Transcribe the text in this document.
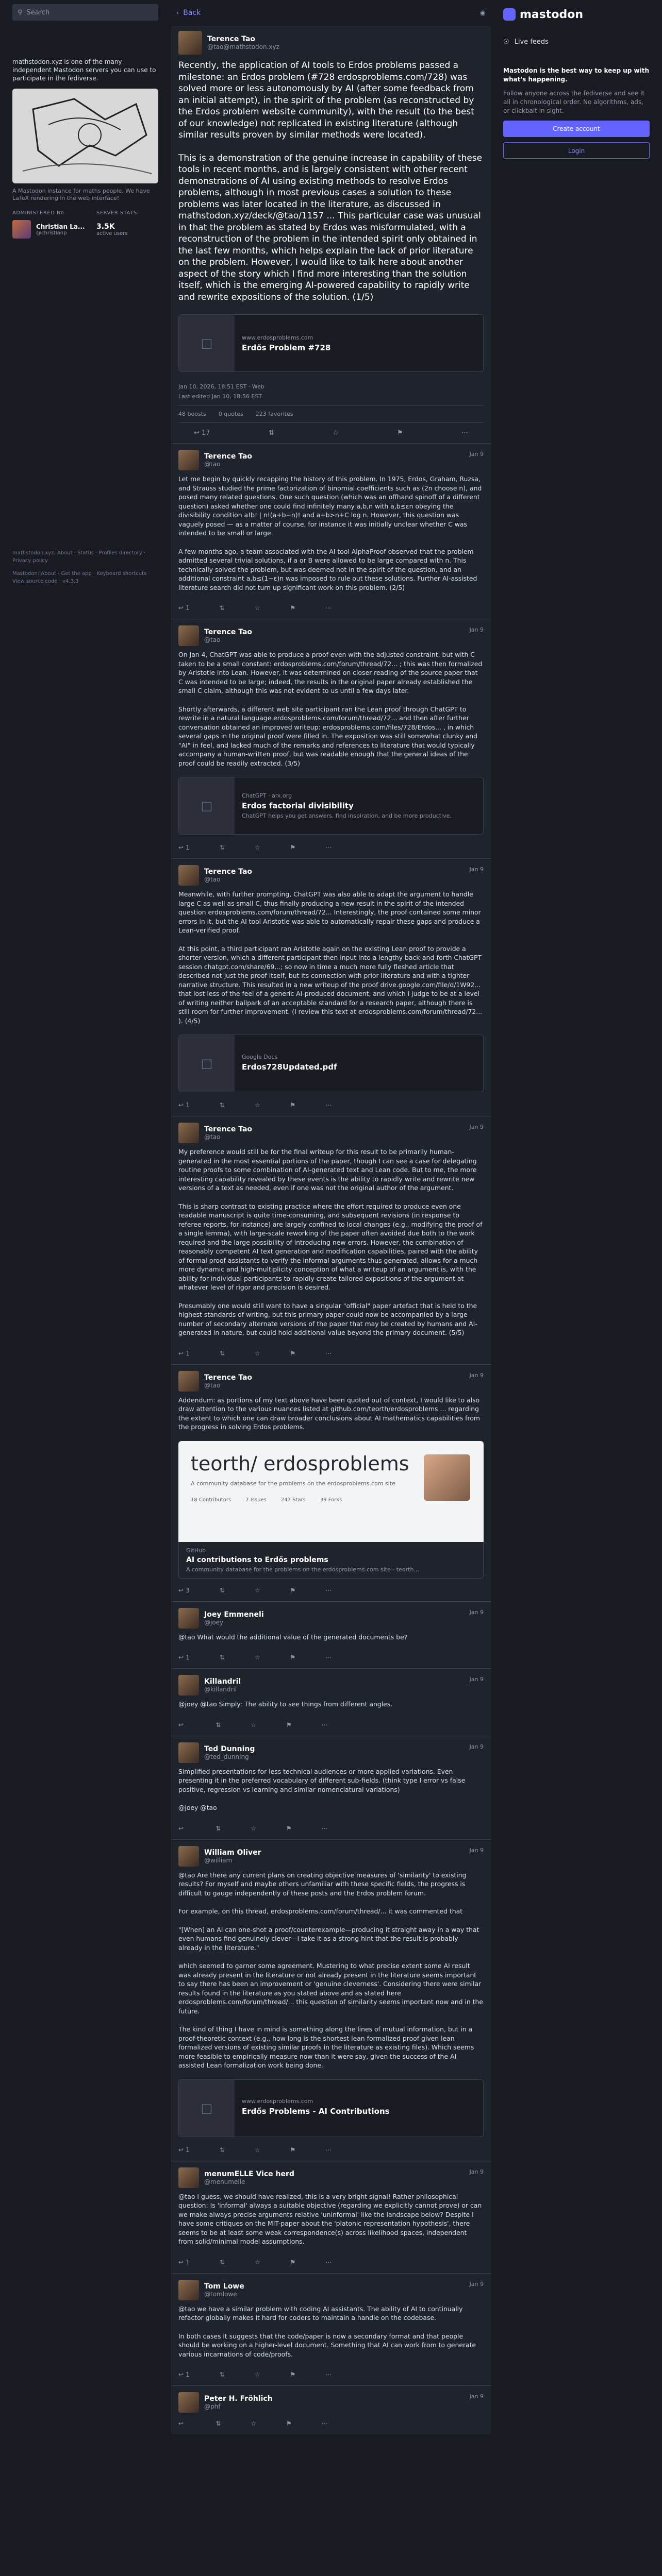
⚲ Search
mathstodon.xyz is one of the many independent Mastodon servers you can use to participate in the fediverse.
A Mastodon instance for maths people. We have LaTeX rendering in the web interface!
ADMINISTERED BY:	SERVER STATS:
Christian La...
@christianp
3.5K
active users
mathstodon.xyz: About · Status · Profiles directory · Privacy policy
Mastodon: About · Get the app · Keyboard shortcuts · View source code · v4.3.3
‹ Back	◉
Terence Tao
@tao@mathstodon.xyz

Recently, the application of AI tools to Erdos problems passed a milestone: an Erdos problem (#728 erdosproblems.com/728) was solved more or less autonomously by AI (after some feedback from an initial attempt), in the spirit of the problem (as reconstructed by the Erdos problem website community), with the result (to the best of our knowledge) not replicated in existing literature (although similar results proven by similar methods were located).

This is a demonstration of the genuine increase in capability of these tools in recent months, and is largely consistent with other recent demonstrations of AI using existing methods to resolve Erdos problems, although in most previous cases a solution to these problems was later located in the literature, as discussed in mathstodon.xyz/deck/@tao/1157 ... This particular case was unusual in that the problem as stated by Erdos was misformulated, with a reconstruction of the problem in the intended spirit only obtained in the last few months, which helps explain the lack of prior literature on the problem. However, I would like to talk here about another aspect of the story which I find more interesting than the solution itself, which is the emerging AI-powered capability to rapidly write and rewrite expositions of the solution. (1/5)

□	www.erdosproblems.com
Erdős Problem #728
Jan 10, 2026, 18:51 EST · Web
Last edited Jan 10, 18:56 EST
48 boosts 0 quotes 223 favorites
↩ 17	⇅	☆	⚑	⋯
Terence Tao
@tao
Jan 9

Let me begin by quickly recapping the history of this problem. In 1975, Erdos, Graham, Ruzsa, and Strauss studied the prime factorization of binomial coefficients such as (2n choose n), and posed many related questions. One such question (which was an offhand spinoff of a different question) asked whether one could find infinitely many a,b,n with a,b≤εn obeying the divisibility condition a!b! | n!(a+b−n)! and a+b>n+C log n. However, this question was vaguely posed — as a matter of course, for instance it was initially unclear whether C was intended to be small or large.

A few months ago, a team associated with the AI tool AlphaProof observed that the problem admitted several trivial solutions, if a or B were allowed to be large compared with n. This technically solved the problem, but was deemed not in the spirit of the question, and an additional constraint a,b≤(1−ε)n was imposed to rule out these solutions. Further AI-assisted literature search did not turn up significant work on this problem. (2/5)

↩ 1	⇅	☆	⚑	⋯
Terence Tao
@tao
Jan 9

On Jan 4, ChatGPT was able to produce a proof even with the adjusted constraint, but with C taken to be a small constant: erdosproblems.com/forum/thread/72... ; this was then formalized by Aristotle into Lean. However, it was determined on closer reading of the source paper that C was intended to be large; indeed, the results in the original paper already established the small C claim, although this was not evident to us until a few days later.

Shortly afterwards, a different web site participant ran the Lean proof through ChatGPT to rewrite in a natural language erdosproblems.com/forum/thread/72... and then after further conversation obtained an improved writeup: erdosproblems.com/files/728/Erdos... , in which several gaps in the original proof were filled in. The exposition was still somewhat clunky and "AI" in feel, and lacked much of the remarks and references to literature that would typically accompany a human-written proof, but was readable enough that the general ideas of the proof could be readily extracted. (3/5)

□
ChatGPT · arx.org
Erdos factorial divisibility
ChatGPT helps you get answers, find inspiration, and be more productive.
↩ 1	⇅	☆	⚑	⋯
Terence Tao
@tao
Jan 9

Meanwhile, with further prompting, ChatGPT was also able to adapt the argument to handle large C as well as small C, thus finally producing a new result in the spirit of the intended question erdosproblems.com/forum/thread/72... Interestingly, the proof contained some minor errors in it, but the AI tool Aristotle was able to automatically repair these gaps and produce a Lean-verified proof.

At this point, a third participant ran Aristotle again on the existing Lean proof to provide a shorter version, which a different participant then input into a lengthy back-and-forth ChatGPT session chatgpt.com/share/69...; so now in time a much more fully fleshed article that described not just the proof itself, but its connection with prior literature and with a tighter narrative structure. This resulted in a new writeup of the proof drive.google.com/file/d/1W92... that lost less of the feel of a generic AI-produced document, and which I judge to be at a level of writing neither ballpark of an acceptable standard for a research paper, although there is still room for further improvement. (I review this text at erdosproblems.com/forum/thread/72... ). (4/5)

□	Google Docs
Erdos728Updated.pdf
↩ 1	⇅	☆	⚑	⋯
Terence Tao
@tao
Jan 9

My preference would still be for the final writeup for this result to be primarily human-generated in the most essential portions of the paper, though I can see a case for delegating routine proofs to some combination of AI-generated text and Lean code. But to me, the more interesting capability revealed by these events is the ability to rapidly write and rewrite new versions of a text as needed, even if one was not the original author of the argument.

This is sharp contrast to existing practice where the effort required to produce even one readable manuscript is quite time-consuming, and subsequent revisions (in response to referee reports, for instance) are largely confined to local changes (e.g., modifying the proof of a single lemma), with large-scale reworking of the paper often avoided due both to the work required and the large possibility of introducing new errors. However, the combination of reasonably competent AI text generation and modification capabilities, paired with the ability of formal proof assistants to verify the informal arguments thus generated, allows for a much more dynamic and high-multiplicity conception of what a writeup of an argument is, with the ability for individual participants to rapidly create tailored expositions of the argument at whatever level of rigor and precision is desired.

Presumably one would still want to have a singular "official" paper artefact that is held to the highest standards of writing, but this primary paper could now be accompanied by a large number of secondary alternate versions of the paper that may be created by humans and AI-generated in nature, but could hold additional value beyond the primary document. (5/5)

↩ 1	⇅	☆	⚑	⋯
Terence Tao
@tao
Jan 9

Addendum: as portions of my text above have been quoted out of context, I would like to also draw attention to the various nuances listed at github.com/teorth/erdosproblems ... regarding the extent to which one can draw broader conclusions about AI mathematics capabilities from the progress in solving Erdos problems.

teorth/ erdosproblems
A community database for the problems on the erdosproblems.com site
18 Contributors	7 Issues	247 Stars	39 Forks
GitHub
AI contributions to Erdős problems
A community database for the problems on the erdosproblems.com site - teorth...
↩ 3	⇅	☆	⚑	⋯
Joey Emmeneli
@joey
Jan 9

@tao What would the additional value of the generated documents be?

↩ 1	⇅	☆	⚑	⋯
Killandril
@killandril
Jan 9

@joey @tao Simply: The ability to see things from different angles.

↩	⇅	☆	⚑	⋯
Ted Dunning
@ted_dunning
Jan 9

Simplified presentations for less technical audiences or more applied variations. Even presenting it in the preferred vocabulary of different sub-fields. (think type I error vs false positive, regression vs learning and similar nomenclatural variations)

@joey @tao

↩	⇅	☆	⚑	⋯
William Oliver
@william
Jan 9

@tao Are there any current plans on creating objective measures of 'similarity' to existing results? For myself and maybe others unfamiliar with these specific fields, the progress is difficult to gauge independently of these posts and the Erdos problem forum.

For example, on this thread, erdosproblems.com/forum/thread/... it was commented that

"[When] an AI can one-shot a proof/counterexample—producing it straight away in a way that even humans find genuinely clever—I take it as a strong hint that the result is probably already in the literature."

which seemed to garner some agreement. Mustering to what precise extent some AI result was already present in the literature or not already present in the literature seems important to say there has been an improvement or 'genuine cleverness'. Considering there were similar results found in the literature as you stated above and as stated here erdosproblems.com/forum/thread/... this question of similarity seems important now and in the future.

The kind of thing I have in mind is something along the lines of mutual information, but in a proof-theoretic context (e.g., how long is the shortest lean formalized proof given lean formalized versions of existing similar proofs in the literature as existing files). Which seems more feasible to empirically measure now than it were say, given the success of the AI assisted Lean formalization work being done.

□	www.erdosproblems.com
Erdős Problems - AI Contributions
↩ 1	⇅	☆	⚑	⋯
menumELLE Vice herd
@menumelle
Jan 9

@tao I guess, we should have realized, this is a very bright signal! Rather philosophical question: Is 'informal' always a suitable objective (regarding we explicitly cannot prove) or can we make always precise arguments relative 'uninformal' like the landscape below? Despite I have some critiques on the MIT-paper about the 'platonic representation hypothesis', there seems to be at least some weak correspondence(s) across likelihood spaces, independent from solid/minimal model assumptions.

↩ 1	⇅	☆	⚑	⋯
Tom Lowe
@tomlowe
Jan 9

@tao we have a similar problem with coding AI assistants. The ability of AI to continually refactor globally makes it hard for coders to maintain a handle on the codebase.

In both cases it suggests that the code/paper is now a secondary format and that people should be working on a higher-level document. Something that AI can work from to generate various incarnations of code/proofs.

↩ 1	⇅	☆	⚑	⋯
Peter H. Fröhlich
@phf
Jan 9
↩	⇅	☆	⚑	⋯
mastodon
☉ Live feeds
Mastodon is the best way to keep up with what's happening.
Follow anyone across the fediverse and see it all in chronological order. No algorithms, ads, or clickbait in sight.
Create account
Login
